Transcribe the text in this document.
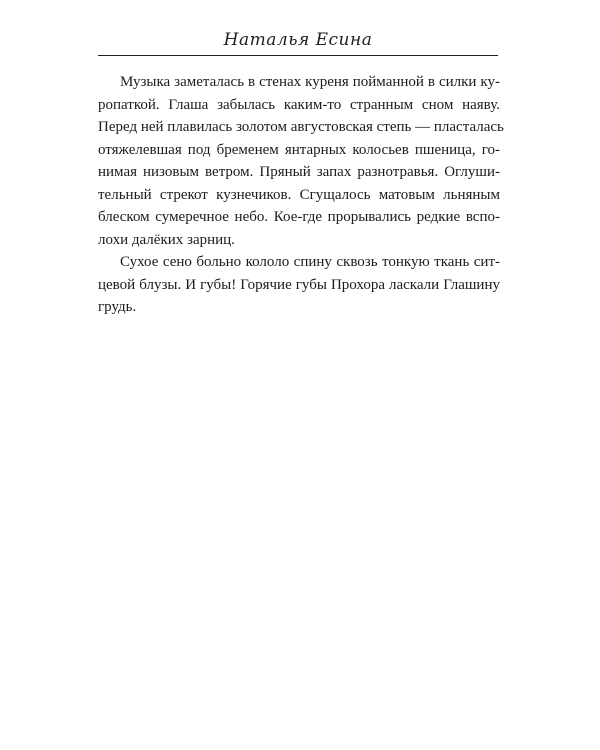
Наталья Есина
Музыка заметалась в стенах куреня пойманной в силки ку-
ропаткой. Глаша забылась каким-то странным сном наяву.
Перед ней плавилась золотом августовская степь — пласталась
отяжелевшая под бременем янтарных колосьев пшеница, го-
нимая низовым ветром. Пряный запах разнотравья. Оглуши-
тельный стрекот кузнечиков. Сгущалось матовым льняным
блеском сумеречное небо. Кое-где прорывались редкие вспо-
лохи далёких зарниц.
Сухое сено больно кололо спину сквозь тонкую ткань сит-
цевой блузы. И губы! Горячие губы Прохора ласкали Глашину
грудь.
